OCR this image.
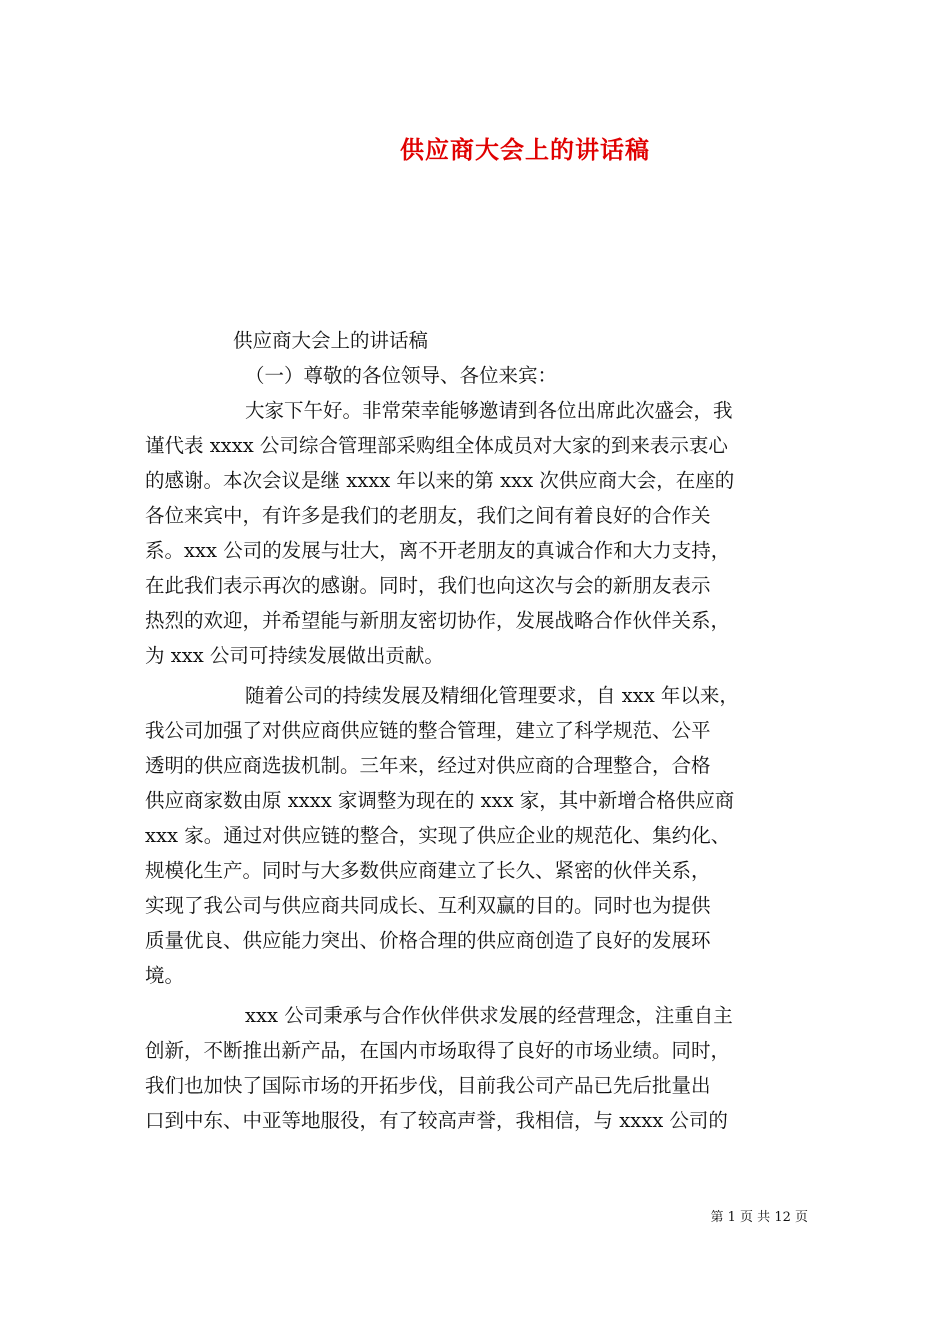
供应商大会上的讲话稿
供应商大会上的讲话稿
（一）尊敬的各位领导、各位来宾：
大家下午好。非常荣幸能够邀请到各位出席此次盛会，我
谨代表 xxxx 公司综合管理部采购组全体成员对大家的到来表示衷心
的感谢。本次会议是继 xxxx 年以来的第 xxx 次供应商大会，在座的
各位来宾中，有许多是我们的老朋友，我们之间有着良好的合作关
系。xxx 公司的发展与壮大，离不开老朋友的真诚合作和大力支持，
在此我们表示再次的感谢。同时，我们也向这次与会的新朋友表示
热烈的欢迎，并希望能与新朋友密切协作，发展战略合作伙伴关系，
为 xxx 公司可持续发展做出贡献。
随着公司的持续发展及精细化管理要求，自 xxx 年以来，
我公司加强了对供应商供应链的整合管理，建立了科学规范、公平
透明的供应商选拔机制。三年来，经过对供应商的合理整合，合格
供应商家数由原 xxxx 家调整为现在的 xxx 家，其中新增合格供应商
xxx 家。通过对供应链的整合，实现了供应企业的规范化、集约化、
规模化生产。同时与大多数供应商建立了长久、紧密的伙伴关系，
实现了我公司与供应商共同成长、互利双赢的目的。同时也为提供
质量优良、供应能力突出、价格合理的供应商创造了良好的发展环
境。
xxx 公司秉承与合作伙伴供求发展的经营理念，注重自主
创新，不断推出新产品，在国内市场取得了良好的市场业绩。同时，
我们也加快了国际市场的开拓步伐，目前我公司产品已先后批量出
口到中东、中亚等地服役，有了较高声誉，我相信，与 xxxx 公司的
第 1 页 共 12 页
